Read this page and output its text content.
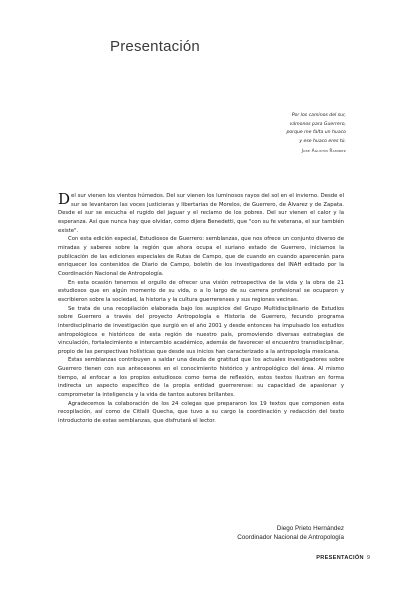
Presentación
Por los caminos del sur,
vámonos para Guerrero,
porque me falta un huaco
y ese huaco eres tú.
José Agustín Ramírez

Del sur vienen los vientos húmedos. Del sur vienen los luminosos rayos del sol en el invierno. Desde el sur se levantaron las voces justicieras y libertarias de Morelos, de Guerrero, de Álvarez y de Zapata. Desde el sur se escucha el rugido del jaguar y el reclamo de los pobres. Del sur vienen el calor y la esperanza. Así que nunca hay que olvidar, como dijera Benedetti, que "con su fe veterana, el sur también existe".

Con esta edición especial, Estudiosos de Guerrero: semblanzas, que nos ofrece un conjunto diverso de miradas y saberes sobre la región que ahora ocupa el suriano estado de Guerrero, iniciamos la publicación de las ediciones especiales de Rutas de Campo, que de cuando en cuando aparecerán para enriquecer los contenidos de Diario de Campo, boletín de los investigadores del INAH editado por la Coordinación Nacional de Antropología.

En esta ocasión tenemos el orgullo de ofrecer una visión retrospectiva de la vida y la obra de 21 estudiosos que en algún momento de su vida, o a lo largo de su carrera profesional se ocuparon y escribieron sobre la sociedad, la historia y la cultura guerrerenses y sus regiones vecinas.

Se trata de una recopilación elaborada bajo los auspicios del Grupo Multidisciplinario de Estudios sobre Guerrero a través del proyecto Antropología e Historia de Guerrero, fecundo programa interdisciplinario de investigación que surgió en el año 2001 y desde entonces ha impulsado los estudios antropológicos e históricos de esta región de nuestro país, promoviendo diversas estrategias de vinculación, fortalecimiento e intercambio académico, además de favorecer el encuentro transdisciplinar, propio de las perspectivas holísticas que desde sus inicios han caracterizado a la antropología mexicana.

Estas semblanzas contribuyen a saldar una deuda de gratitud que los actuales investigadores sobre Guerrero tienen con sus antecesores en el conocimiento histórico y antropológico del área. Al mismo tiempo, al enfocar a los propios estudiosos como tema de reflexión, estos textos ilustran en forma indirecta un aspecto específico de la propia entidad guerrerense: su capacidad de apasionar y comprometer la inteligencia y la vida de tantos autores brillantes.

Agradecemos la colaboración de los 24 colegas que prepararon los 19 textos que componen esta recopilación, así como de Citlalli Quecha, que tuvo a su cargo la coordinación y redacción del texto introductorio de estas semblanzas, que disfrutará el lector.

Diego Prieto Hernández
Coordinador Nacional de Antropología
PRESENTACIÓN 9
